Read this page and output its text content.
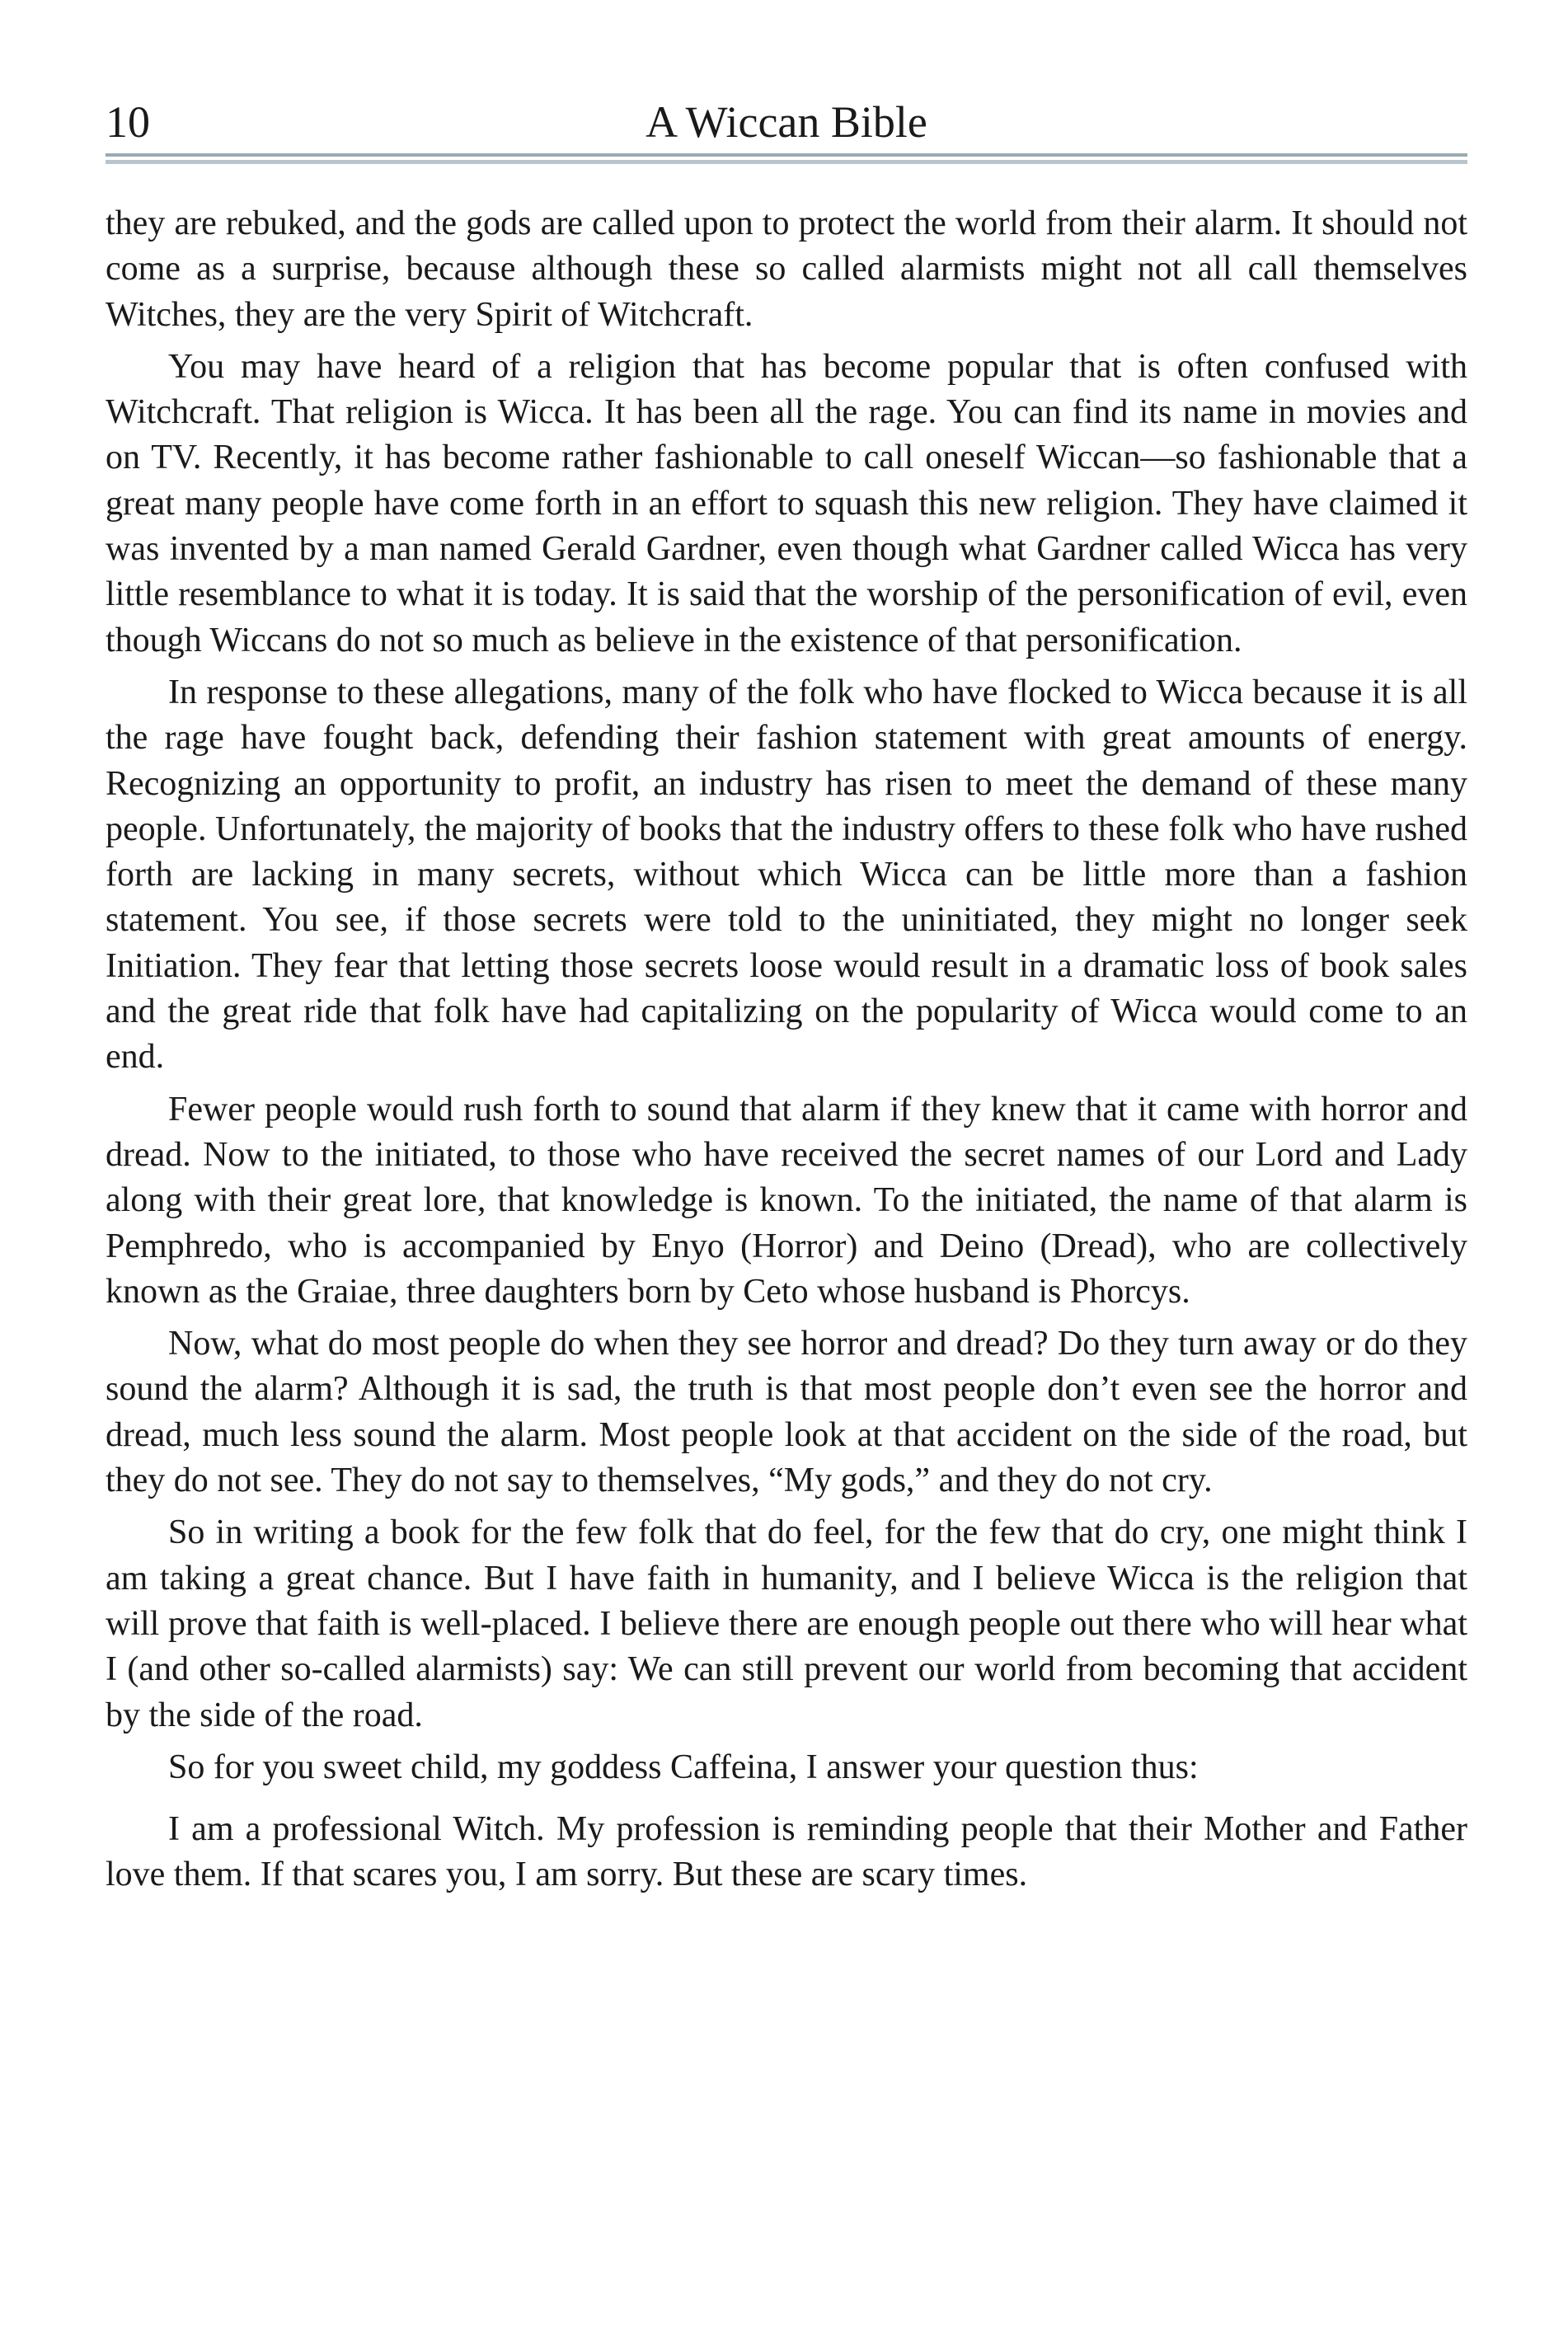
10	A Wiccan Bible

they are rebuked, and the gods are called upon to protect the world from their alarm. It should not come as a surprise, because although these so called alarmists might not all call themselves Witches, they are the very Spirit of Witchcraft.

You may have heard of a religion that has become popular that is often confused with Witchcraft. That religion is Wicca. It has been all the rage. You can find its name in movies and on TV. Recently, it has become rather fashionable to call oneself Wiccan—so fashionable that a great many people have come forth in an effort to squash this new religion. They have claimed it was invented by a man named Gerald Gardner, even though what Gardner called Wicca has very little resemblance to what it is today. It is said that the worship of the personification of evil, even though Wiccans do not so much as believe in the existence of that personification.

In response to these allegations, many of the folk who have flocked to Wicca because it is all the rage have fought back, defending their fashion statement with great amounts of energy. Recognizing an opportunity to profit, an industry has risen to meet the demand of these many people. Unfortunately, the majority of books that the industry offers to these folk who have rushed forth are lacking in many secrets, without which Wicca can be little more than a fashion statement. You see, if those secrets were told to the uninitiated, they might no longer seek Initiation. They fear that letting those secrets loose would result in a dramatic loss of book sales and the great ride that folk have had capitalizing on the popularity of Wicca would come to an end.

Fewer people would rush forth to sound that alarm if they knew that it came with horror and dread. Now to the initiated, to those who have received the secret names of our Lord and Lady along with their great lore, that knowledge is known. To the initiated, the name of that alarm is Pemphredo, who is accompanied by Enyo (Horror) and Deino (Dread), who are collectively known as the Graiae, three daughters born by Ceto whose husband is Phorcys.

Now, what do most people do when they see horror and dread? Do they turn away or do they sound the alarm? Although it is sad, the truth is that most people don’t even see the horror and dread, much less sound the alarm. Most people look at that accident on the side of the road, but they do not see. They do not say to themselves, “My gods,” and they do not cry.

So in writing a book for the few folk that do feel, for the few that do cry, one might think I am taking a great chance. But I have faith in humanity, and I believe Wicca is the religion that will prove that faith is well-placed. I believe there are enough people out there who will hear what I (and other so-called alarmists) say: We can still prevent our world from becoming that accident by the side of the road.

So for you sweet child, my goddess Caffeina, I answer your question thus:

I am a professional Witch. My profession is reminding people that their Mother and Father love them. If that scares you, I am sorry. But these are scary times.
